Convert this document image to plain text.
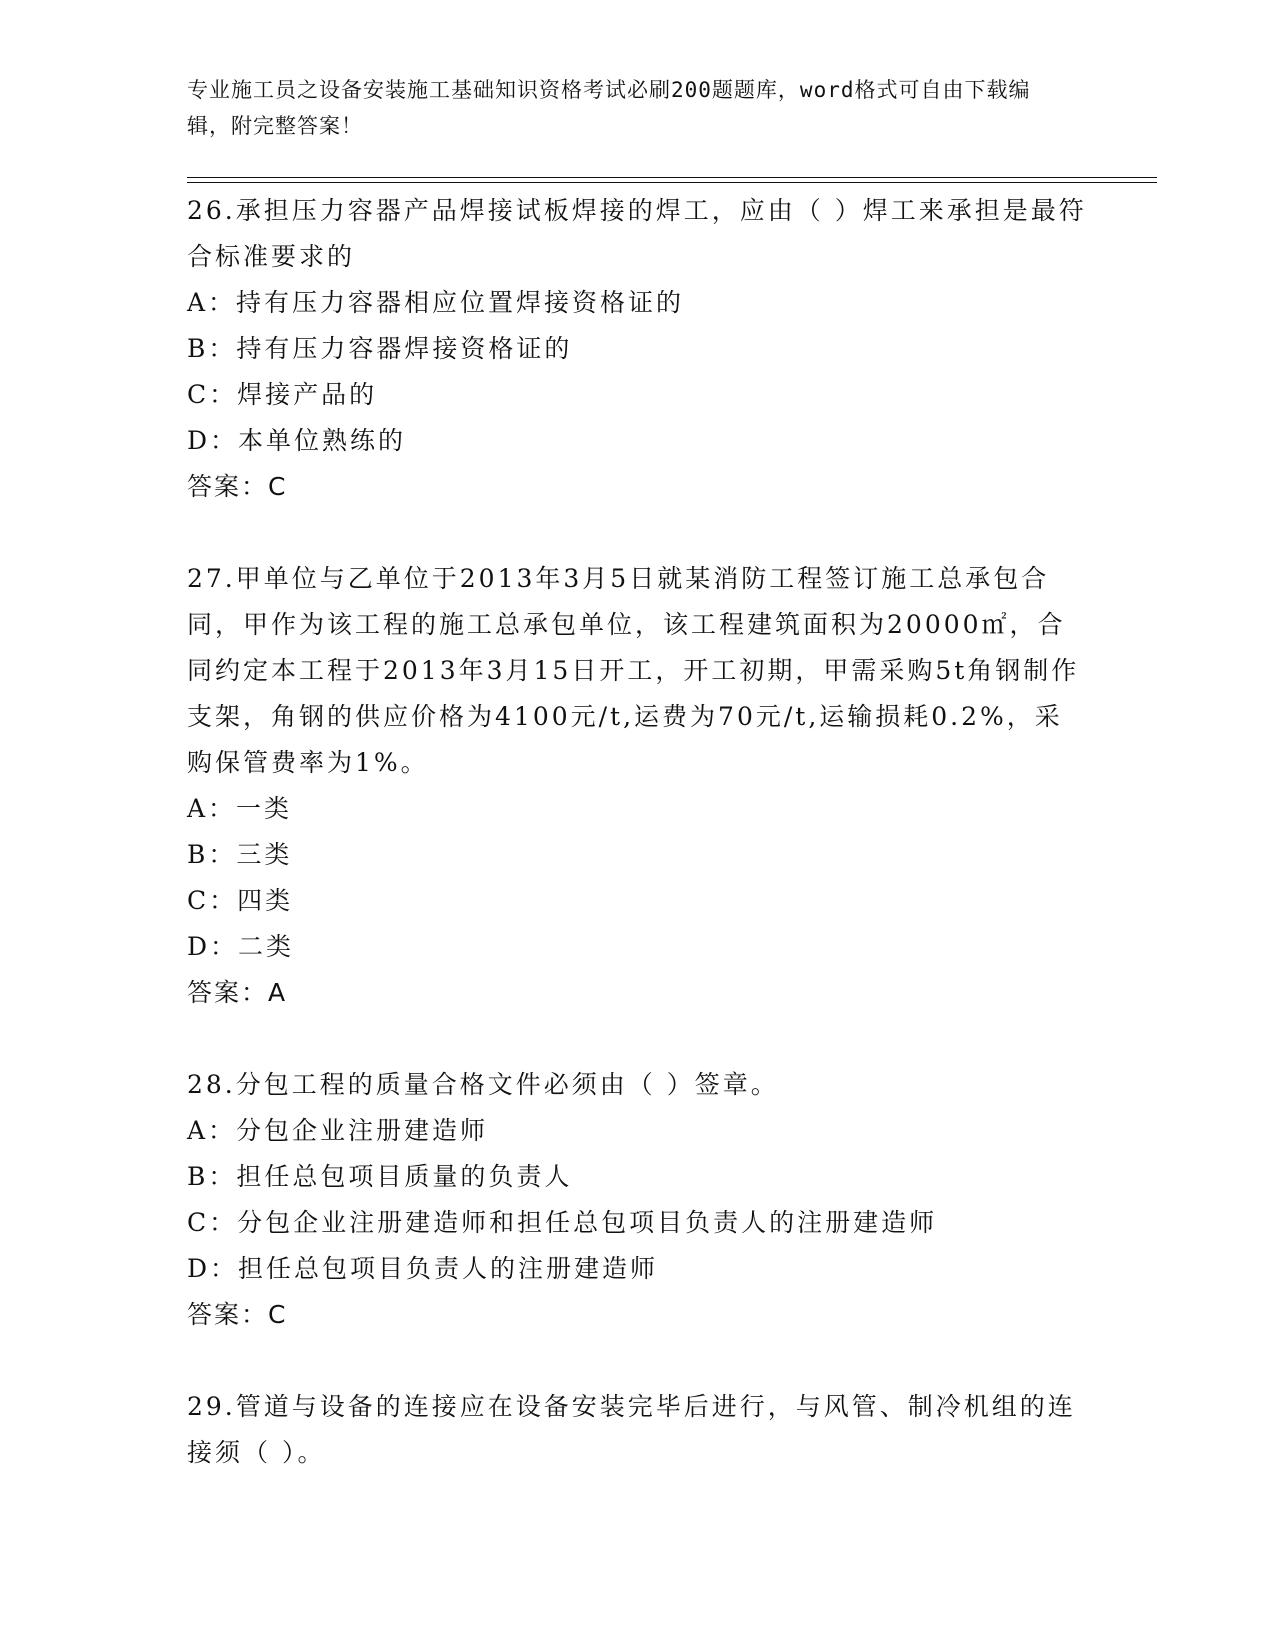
专业施工员之设备安装施工基础知识资格考试必刷200题题库，word格式可自由下载编辑，附完整答案！

26.承担压力容器产品焊接试板焊接的焊工，应由（ ）焊工来承担是最符合标准要求的

A：持有压力容器相应位置焊接资格证的

B：持有压力容器焊接资格证的

C：焊接产品的

D：本单位熟练的

答案：C

27.甲单位与乙单位于2013年3月5日就某消防工程签订施工总承包合同，甲作为该工程的施工总承包单位，该工程建筑面积为20000㎡，合同约定本工程于2013年3月15日开工，开工初期，甲需采购5t角钢制作支架，角钢的供应价格为4100元/t,运费为70元/t,运输损耗0.2%，采购保管费率为1%。

A：一类

B：三类

C：四类

D：二类

答案：A

28.分包工程的质量合格文件必须由（ ）签章。

A：分包企业注册建造师

B：担任总包项目质量的负责人

C：分包企业注册建造师和担任总包项目负责人的注册建造师

D：担任总包项目负责人的注册建造师

答案：C

29.管道与设备的连接应在设备安装完毕后进行，与风管、制冷机组的连接须（ ）。
